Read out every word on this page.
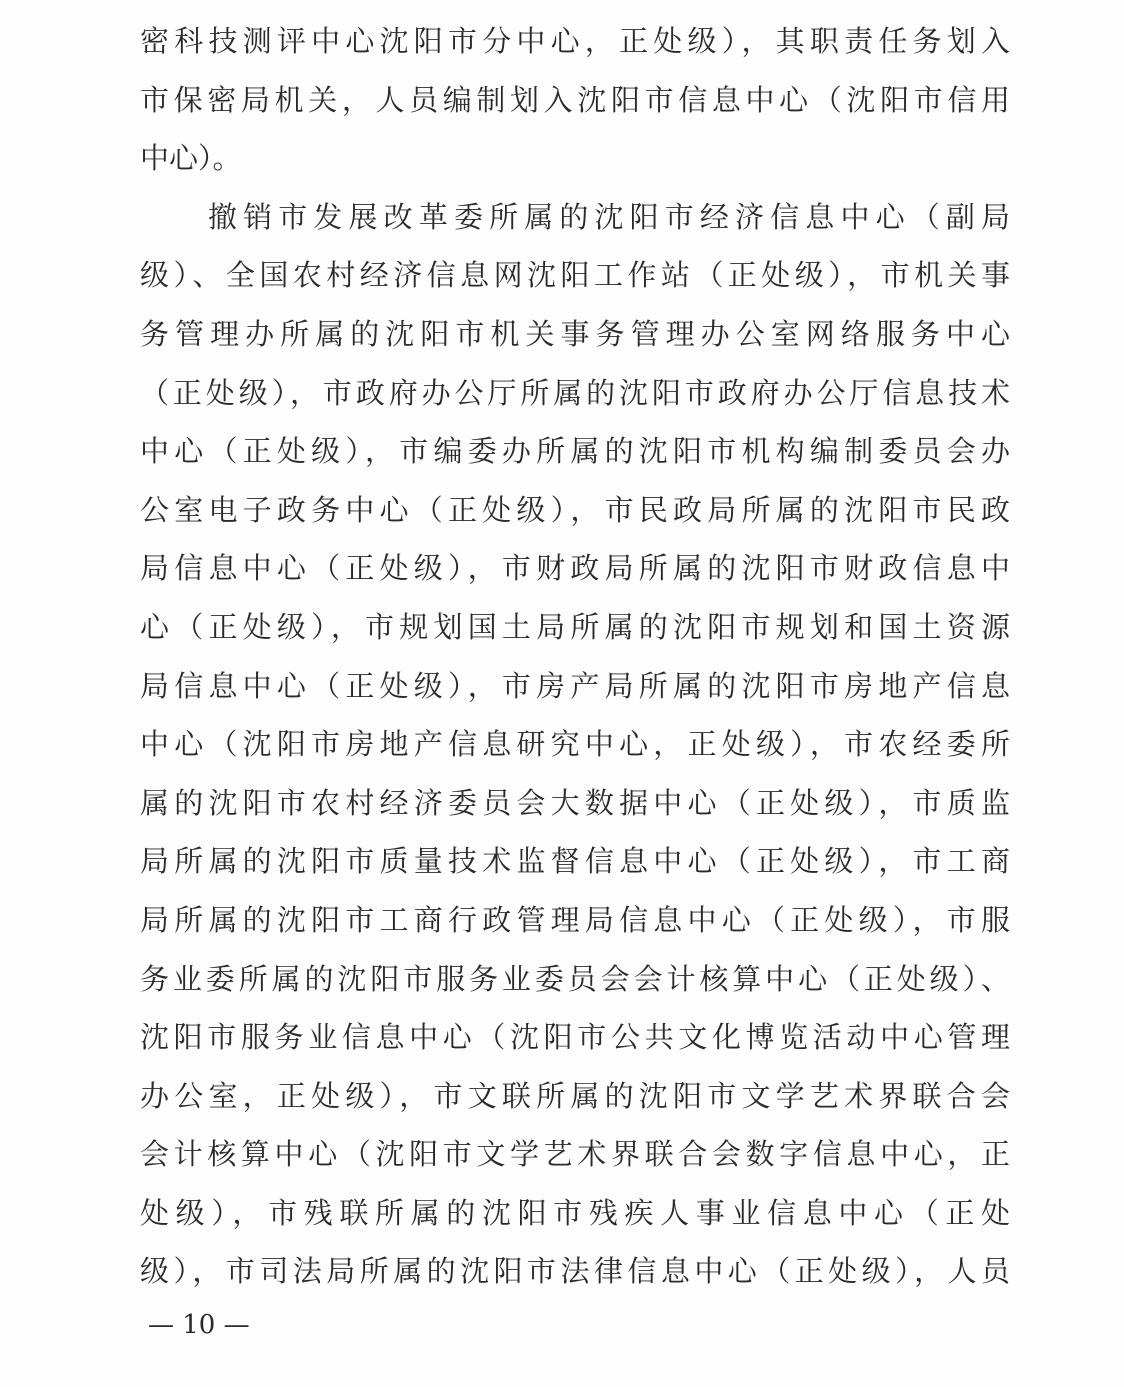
密科技测评中心沈阳市分中心，正处级），其职责任务划入
市保密局机关，人员编制划入沈阳市信息中心（沈阳市信用
中心）。
撤销市发展改革委所属的沈阳市经济信息中心（副局
级）、全国农村经济信息网沈阳工作站（正处级），市机关事
务管理办所属的沈阳市机关事务管理办公室网络服务中心
（正处级），市政府办公厅所属的沈阳市政府办公厅信息技术
中心（正处级），市编委办所属的沈阳市机构编制委员会办
公室电子政务中心（正处级），市民政局所属的沈阳市民政
局信息中心（正处级），市财政局所属的沈阳市财政信息中
心（正处级），市规划国土局所属的沈阳市规划和国土资源
局信息中心（正处级），市房产局所属的沈阳市房地产信息
中心（沈阳市房地产信息研究中心，正处级），市农经委所
属的沈阳市农村经济委员会大数据中心（正处级），市质监
局所属的沈阳市质量技术监督信息中心（正处级），市工商
局所属的沈阳市工商行政管理局信息中心（正处级），市服
务业委所属的沈阳市服务业委员会会计核算中心（正处级）、
沈阳市服务业信息中心（沈阳市公共文化博览活动中心管理
办公室，正处级），市文联所属的沈阳市文学艺术界联合会
会计核算中心（沈阳市文学艺术界联合会数字信息中心，正
处级），市残联所属的沈阳市残疾人事业信息中心（正处
级），市司法局所属的沈阳市法律信息中心（正处级），人员
— 10 —
